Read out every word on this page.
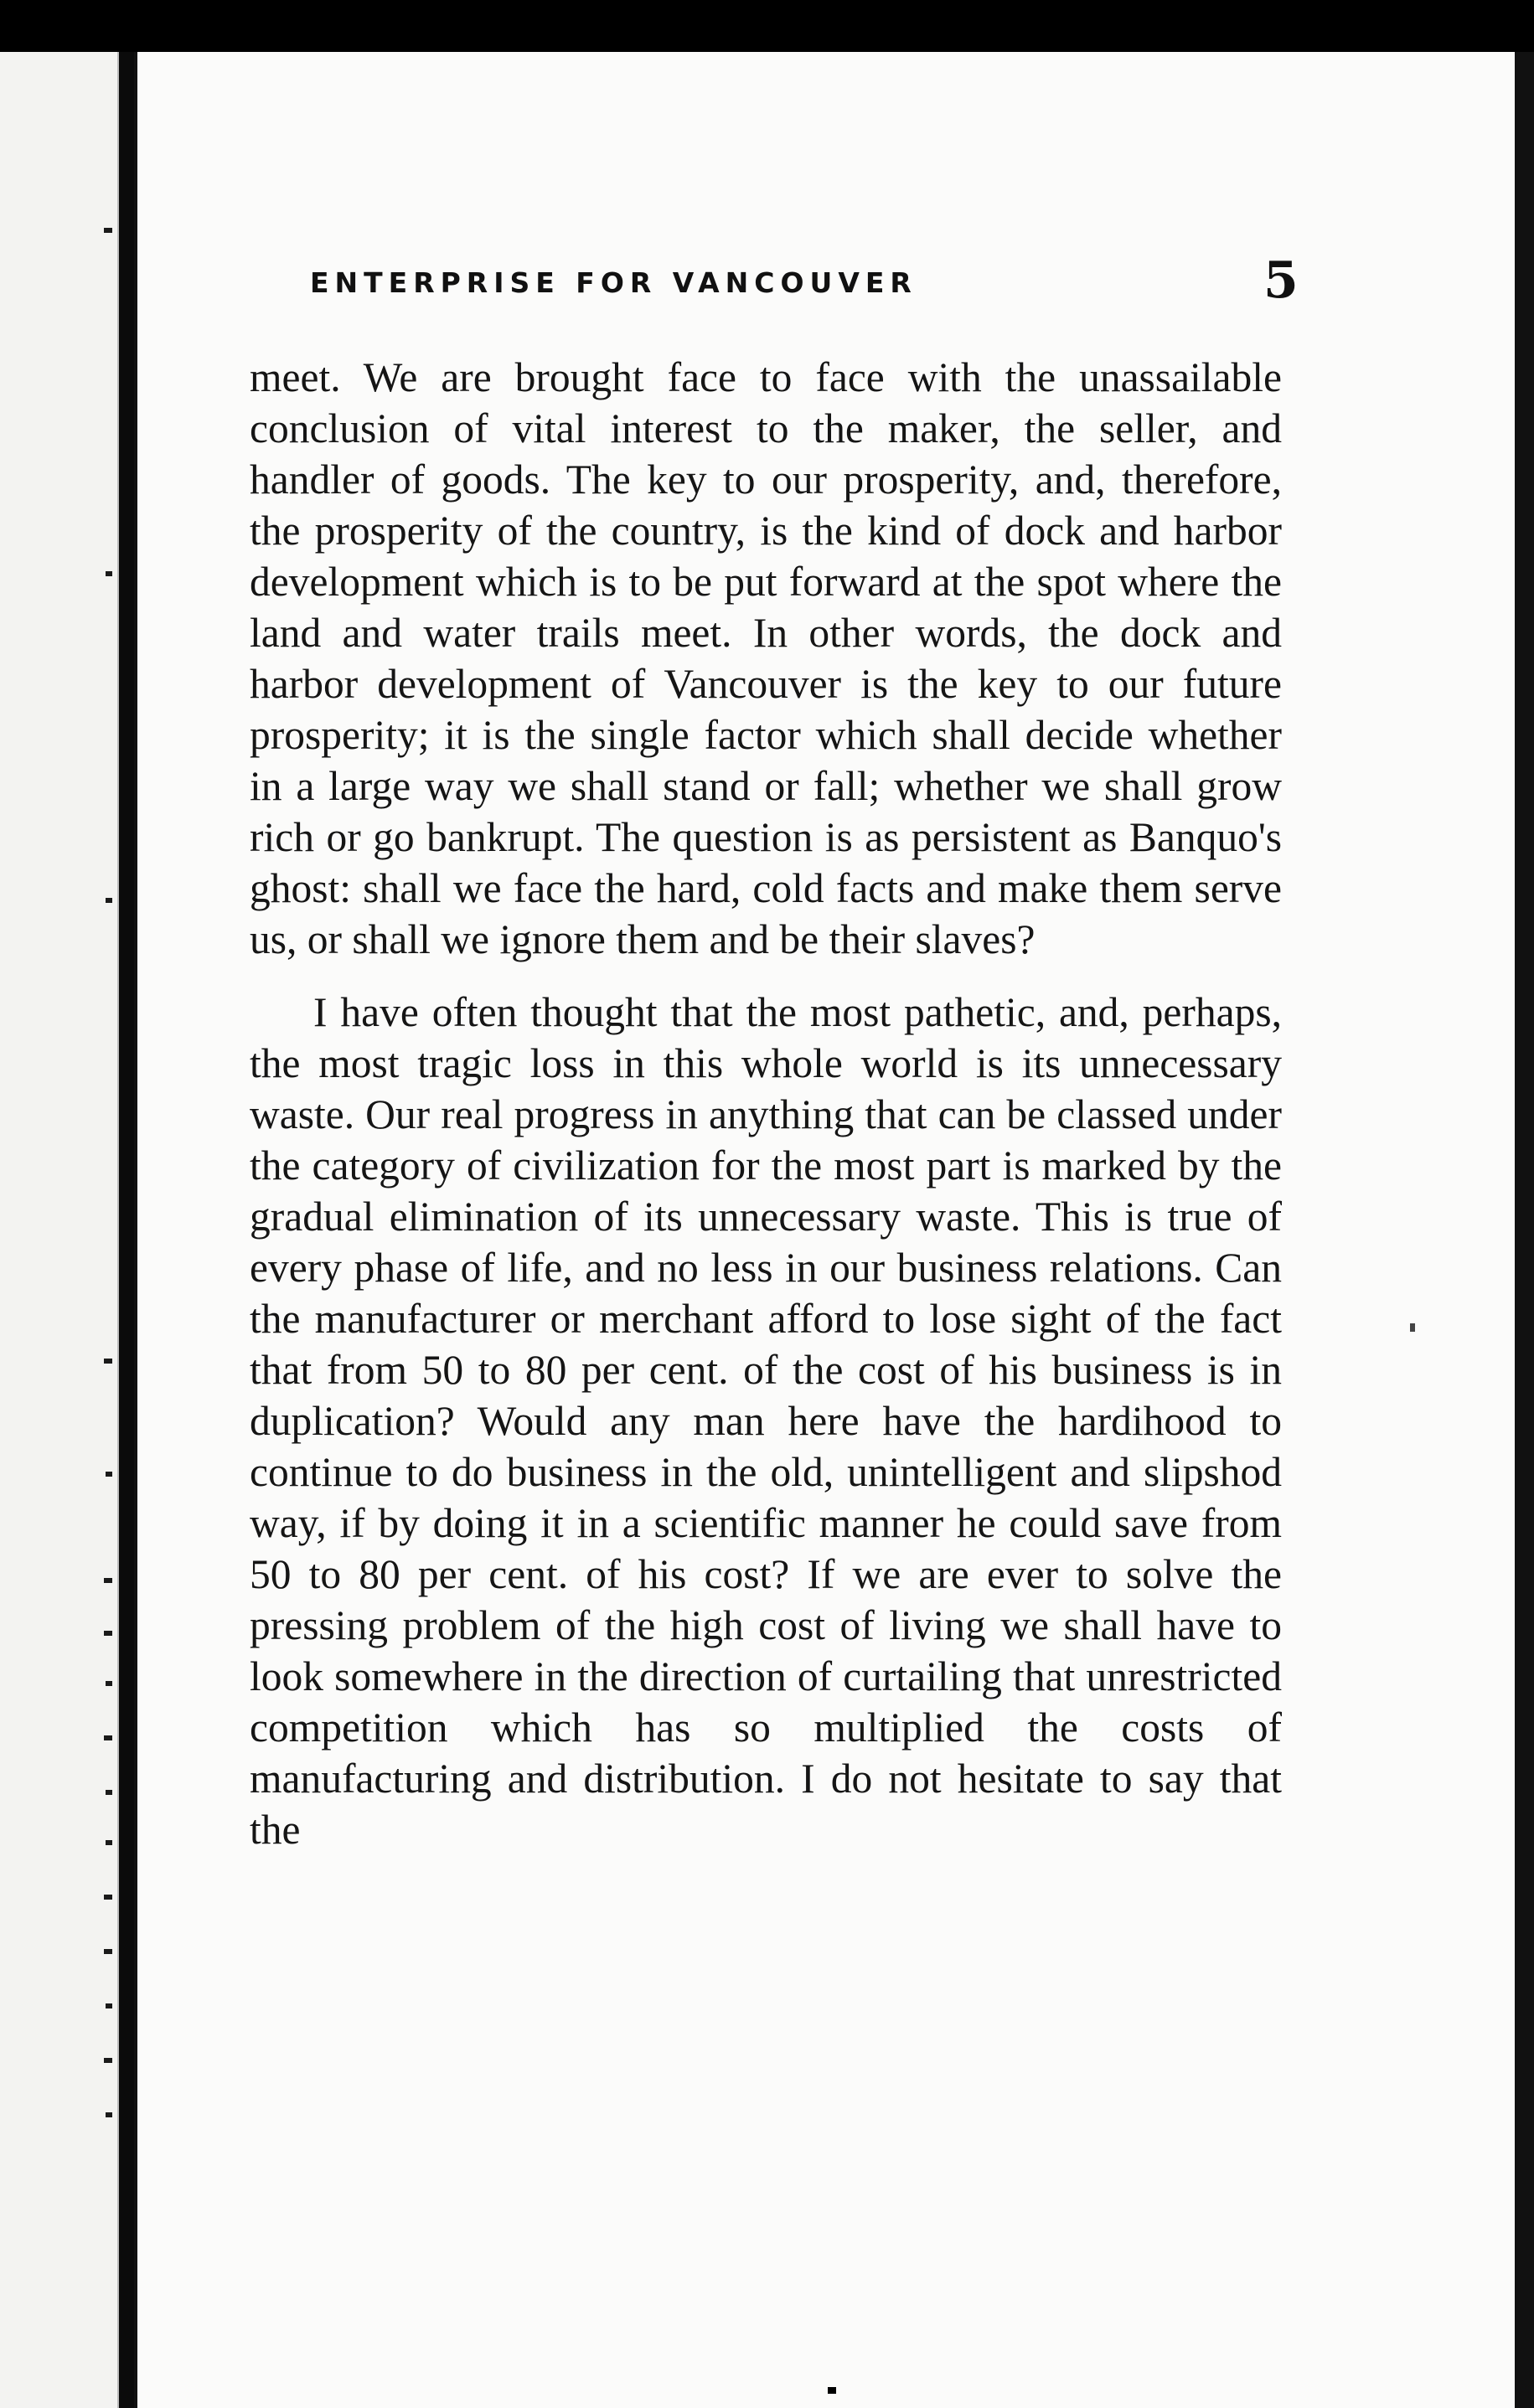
ENTERPRISE FOR VANCOUVER	5

meet. We are brought face to face with the unassailable conclusion of vital interest to the maker, the seller, and handler of goods. The key to our prosperity, and, therefore, the prosperity of the country, is the kind of dock and harbor development which is to be put forward at the spot where the land and water trails meet. In other words, the dock and harbor development of Vancouver is the key to our future prosperity; it is the single factor which shall decide whether in a large way we shall stand or fall; whether we shall grow rich or go bankrupt. The question is as persistent as Banquo's ghost: shall we face the hard, cold facts and make them serve us, or shall we ignore them and be their slaves?

I have often thought that the most pathetic, and, perhaps, the most tragic loss in this whole world is its unnecessary waste. Our real progress in anything that can be classed under the category of civilization for the most part is marked by the gradual elimination of its unnecessary waste. This is true of every phase of life, and no less in our business relations. Can the manufacturer or merchant afford to lose sight of the fact that from 50 to 80 per cent. of the cost of his business is in duplication? Would any man here have the hardihood to continue to do business in the old, unintelligent and slipshod way, if by doing it in a scientific manner he could save from 50 to 80 per cent. of his cost? If we are ever to solve the pressing problem of the high cost of living we shall have to look somewhere in the direction of curtailing that unrestricted competition which has so multiplied the costs of manufacturing and distribution. I do not hesitate to say that the
